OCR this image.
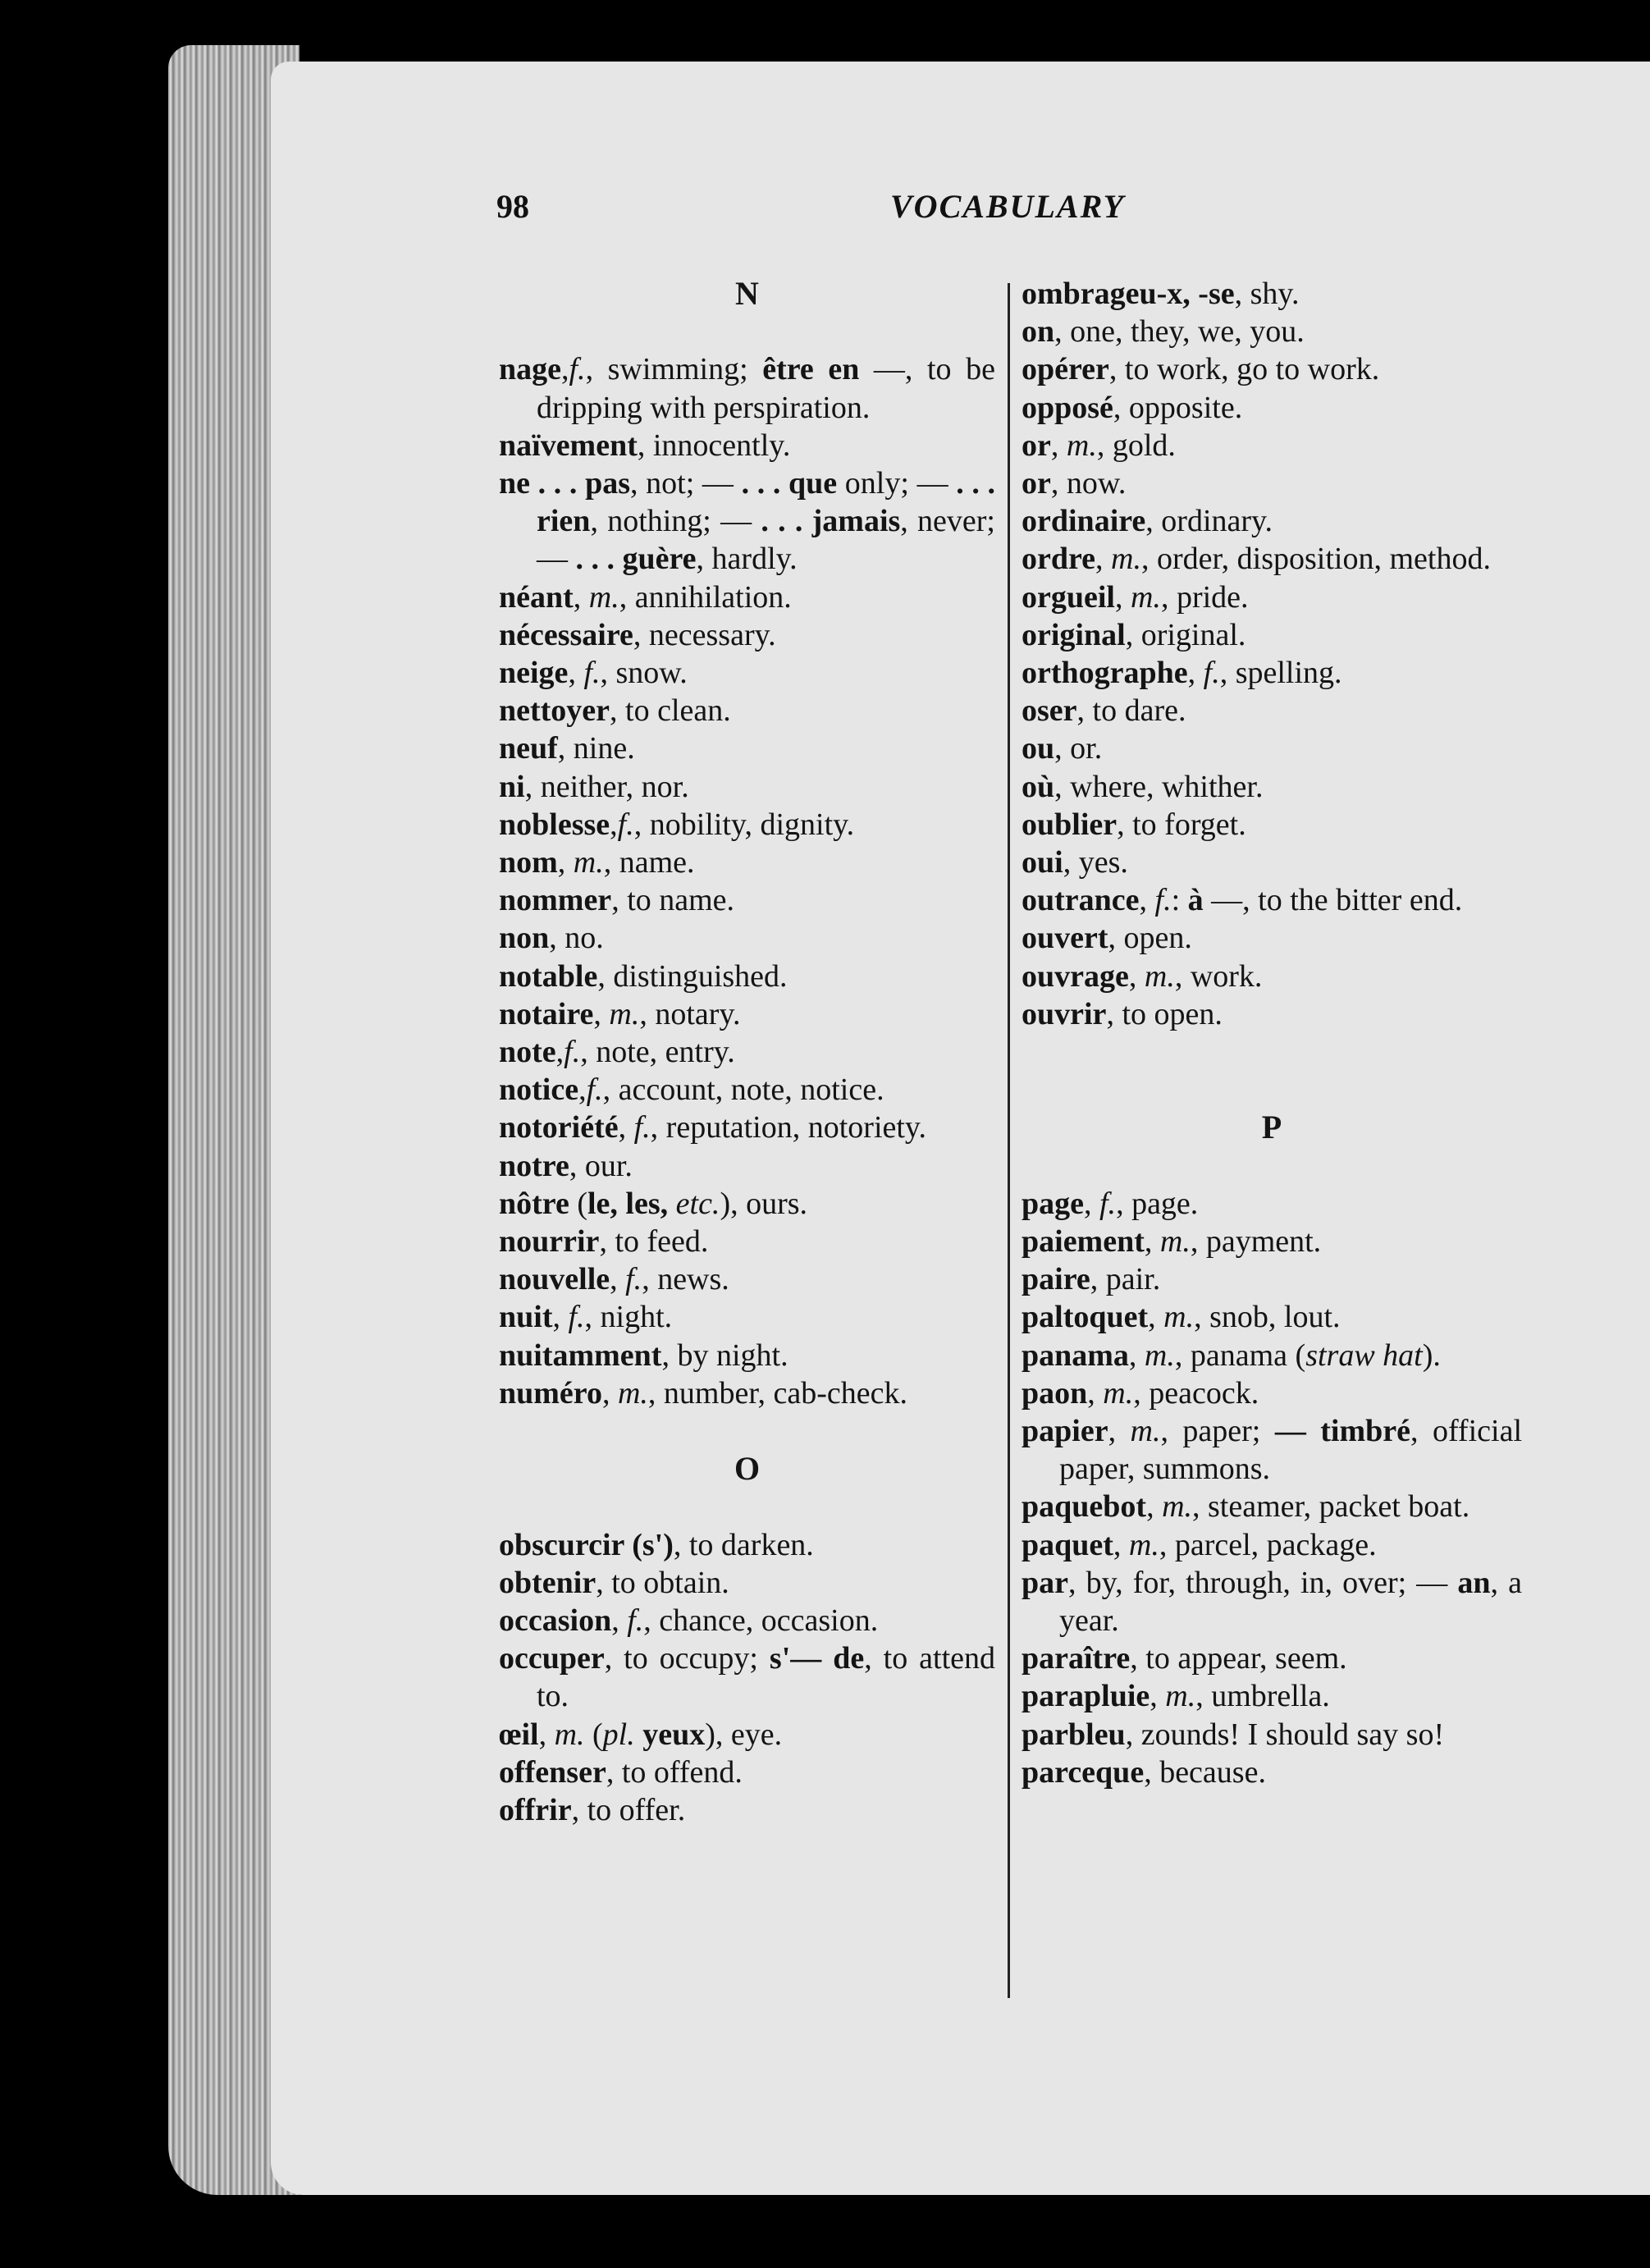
98	VOCABULARY
N
nage,f., swimming; être en —, to be dripping with perspiration.
naïvement, innocently.
ne . . . pas, not; — . . . que only; — . . . rien, nothing; — . . . jamais, never; — . . . guère, hardly.
néant, m., annihilation.
nécessaire, necessary.
neige, f., snow.
nettoyer, to clean.
neuf, nine.
ni, neither, nor.
noblesse,f., nobility, dignity.
nom, m., name.
nommer, to name.
non, no.
notable, distinguished.
notaire, m., notary.
note,f., note, entry.
notice,f., account, note, notice.
notoriété, f., reputation, notoriety.
notre, our.
nôtre (le, les, etc.), ours.
nourrir, to feed.
nouvelle, f., news.
nuit, f., night.
nuitamment, by night.
numéro, m., number, cab-check.
O
obscurcir (s'), to darken.
obtenir, to obtain.
occasion, f., chance, occasion.
occuper, to occupy; s'— de, to attend to.
œil, m. (pl. yeux), eye.
offenser, to offend.
offrir, to offer.
ombrageu-x, -se, shy.
on, one, they, we, you.
opérer, to work, go to work.
opposé, opposite.
or, m., gold.
or, now.
ordinaire, ordinary.
ordre, m., order, disposition, method.
orgueil, m., pride.
original, original.
orthographe, f., spelling.
oser, to dare.
ou, or.
où, where, whither.
oublier, to forget.
oui, yes.
outrance, f.: à —, to the bitter end.
ouvert, open.
ouvrage, m., work.
ouvrir, to open.
P
page, f., page.
paiement, m., payment.
paire, pair.
paltoquet, m., snob, lout.
panama, m., panama (straw hat).
paon, m., peacock.
papier, m., paper; — timbré, official paper, summons.
paquebot, m., steamer, packet boat.
paquet, m., parcel, package.
par, by, for, through, in, over; — an, a year.
paraître, to appear, seem.
parapluie, m., umbrella.
parbleu, zounds! I should say so!
parceque, because.
